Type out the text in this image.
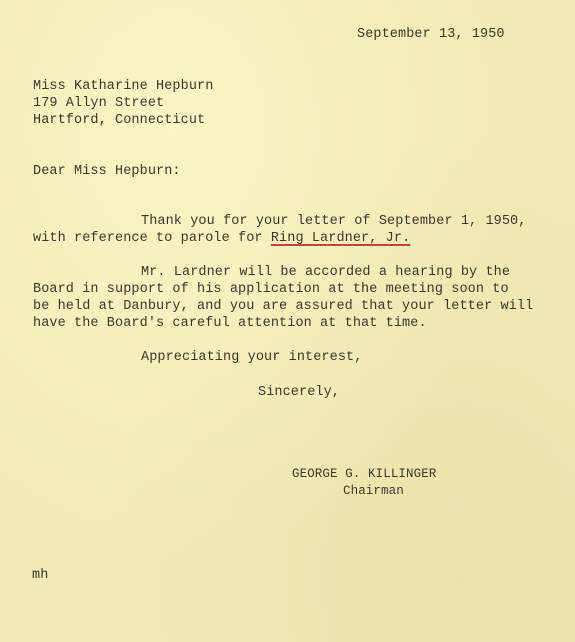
September 13, 1950

Miss Katharine Hepburn

179 Allyn Street

Hartford, Connecticut

Dear Miss Hepburn:

Thank you for your letter of September 1, 1950,

with reference to parole for Ring Lardner, Jr.

Mr. Lardner will be accorded a hearing by the

Board in support of his application at the meeting soon to

be held at Danbury, and you are assured that your letter will

have the Board's careful attention at that time.

Appreciating your interest,

Sincerely,

GEORGE G. KILLINGER

Chairman

mh
